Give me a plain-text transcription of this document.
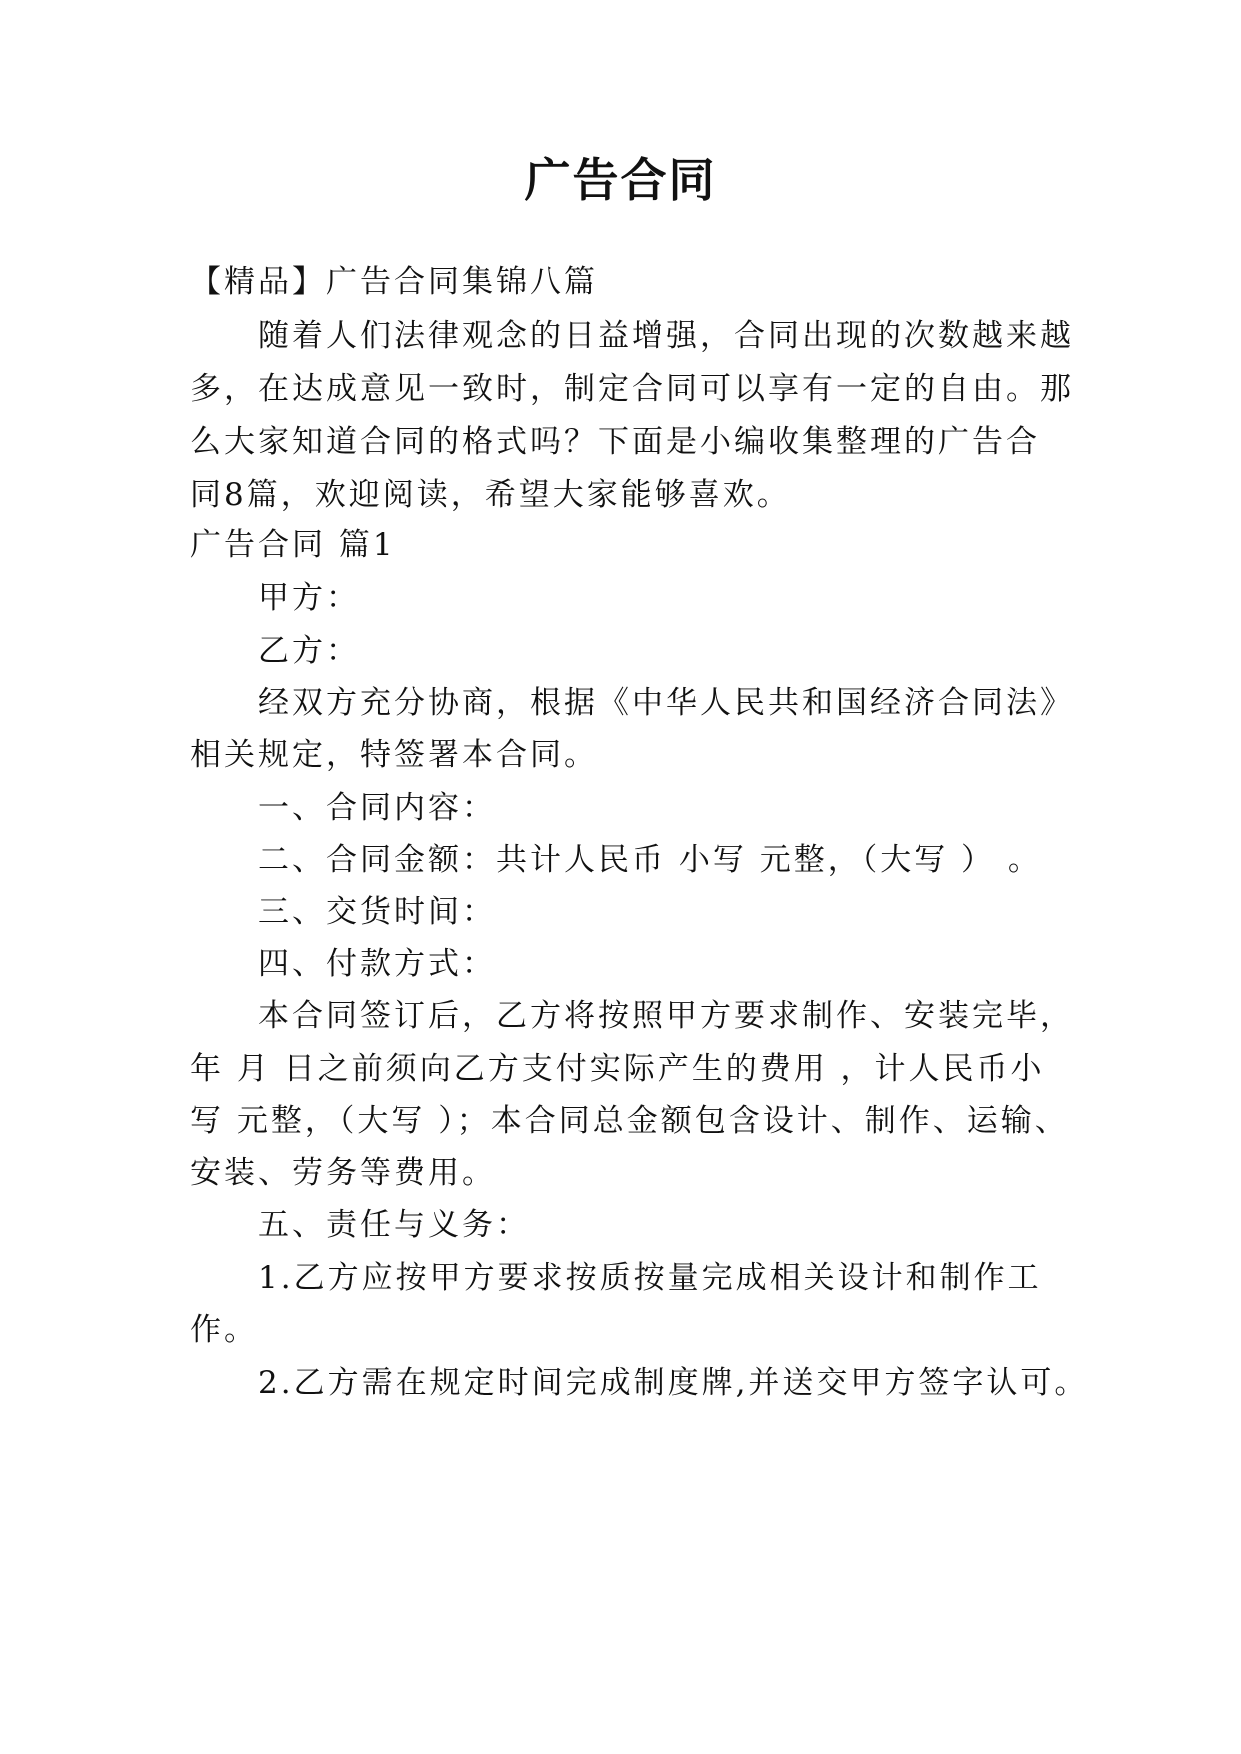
广告合同
【精品】广告合同集锦八篇
随着人们法律观念的日益增强，合同出现的次数越来越
多，在达成意见一致时，制定合同可以享有一定的自由。那
么大家知道合同的格式吗？下面是小编收集整理的广告合
同8篇，欢迎阅读，希望大家能够喜欢。
广告合同 篇1
甲方：
乙方：
经双方充分协商，根据《中华人民共和国经济合同法》
相关规定，特签署本合同。
一、合同内容：
二、合同金额：共计人民币 小写 元整，（大写 ） 。
三、交货时间：
四、付款方式：
本合同签订后，乙方将按照甲方要求制作、安装完毕，
年 月 日之前须向乙方支付实际产生的费用 ，计人民币小
写 元整，（大写 ）；本合同总金额包含设计、制作、运输、
安装、劳务等费用。
五、责任与义务：
1.乙方应按甲方要求按质按量完成相关设计和制作工
作。
2.乙方需在规定时间完成制度牌,并送交甲方签字认可。
